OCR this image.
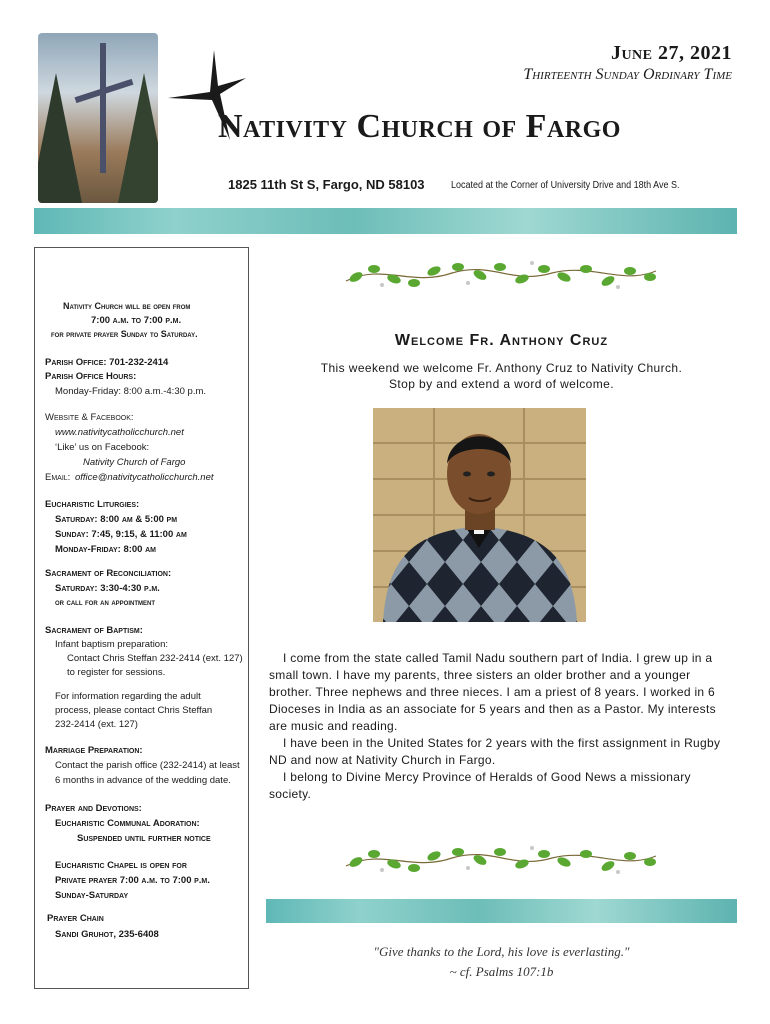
June 27, 2021
Thirteenth Sunday Ordinary Time
Nativity Church of Fargo
1825 11th St S, Fargo, ND 58103	Located at the Corner of University Drive and 18th Ave S.
Nativity Church will be open from
7:00 a.m. to 7:00 p.m.
for private prayer Sunday to Saturday.
Parish Office: 701-232-2414
Parish Office Hours:
Monday-Friday: 8:00 a.m.-4:30 p.m.
Website & Facebook:
www.nativitycatholicchurch.net
‘Like’ us on Facebook:
Nativity Church of Fargo
Email: office@nativitycatholicchurch.net
Eucharistic Liturgies:
Saturday: 8:00 am & 5:00 pm
Sunday: 7:45, 9:15, & 11:00 am
Monday-Friday: 8:00 am
Sacrament of Reconciliation:
Saturday: 3:30-4:30 p.m.
or call for an appointment
Sacrament of Baptism:
Infant baptism preparation:
Contact Chris Steffan 232-2414 (ext. 127)
to register for sessions.
For information regarding the adult
process, please contact Chris Steffan
232-2414 (ext. 127)
Marriage Preparation:
Contact the parish office (232-2414) at least
6 months in advance of the wedding date.
Prayer and Devotions:
Eucharistic Communal Adoration:
Suspended until further notice
Eucharistic Chapel is open for
Private prayer 7:00 a.m. to 7:00 p.m.
Sunday-Saturday
Prayer Chain
Sandi Gruhot, 235-6408
Welcome Fr. Anthony Cruz
This weekend we welcome Fr. Anthony Cruz to Nativity Church.
Stop by and extend a word of welcome.

I come from the state called Tamil Nadu southern part of India. I grew up in a small town. I have my parents, three sisters an older brother and a younger brother. Three nephews and three nieces. I am a priest of 8 years. I worked in 6 Dioceses in India as an associate for 5 years and then as a Pastor. My interests are music and reading.

I have been in the United States for 2 years with the first assignment in Rugby ND and now at Nativity Church in Fargo.

I belong to Divine Mercy Province of Heralds of Good News a missionary society.

"Give thanks to the Lord, his love is everlasting."
~ cf. Psalms 107:1b
